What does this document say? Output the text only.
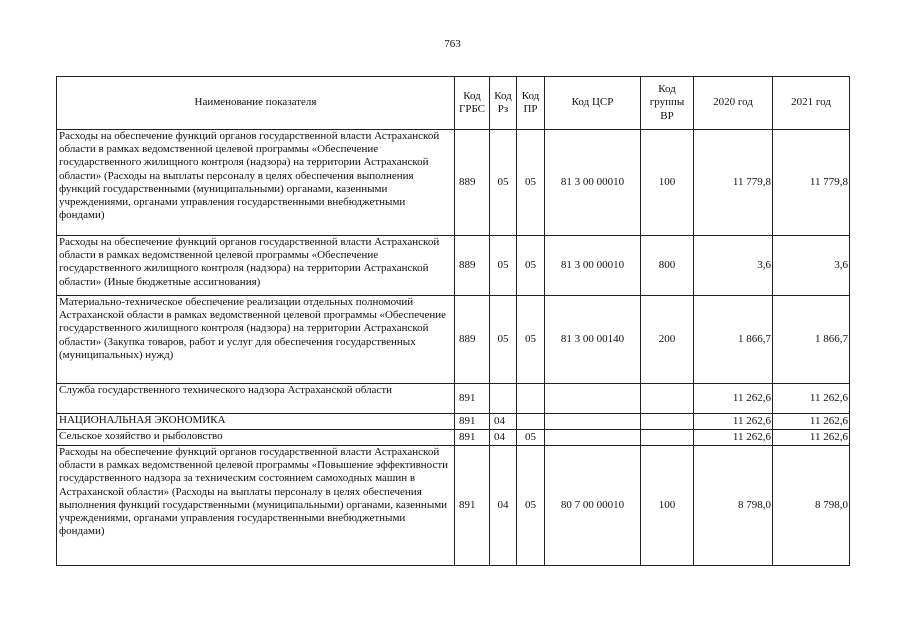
763
Наименование показателя	Код ГРБС	Код Рз	Код ПР	Код ЦСР	Код группы ВР	2020 год	2021 год
Расходы на обеспечение функций органов государственной власти Астраханской области в рамках ведомственной целевой программы «Обеспечение государственного жилищного контроля (надзора) на территории Астраханской области» (Расходы на выплаты персоналу в целях обеспечения выполнения функций государственными (муниципальными) органами, казенными учреждениями, органами управления государственными внебюджетными фондами)	889	05	05	81 3 00 00010	100	11 779,8	11 779,8
Расходы на обеспечение функций органов государственной власти Астраханской области в рамках ведомственной целевой программы «Обеспечение государственного жилищного контроля (надзора) на территории Астраханской области» (Иные бюджетные ассигнования)	889	05	05	81 3 00 00010	800	3,6	3,6
Материально-техническое обеспечение реализации отдельных полномочий Астраханской области в рамках ведомственной целевой программы «Обеспечение государственного жилищного контроля (надзора) на территории Астраханской области» (Закупка товаров, работ и услуг для обеспечения государственных (муниципальных) нужд)	889	05	05	81 3 00 00140	200	1 866,7	1 866,7
Служба государственного технического надзора Астраханской области	891					11 262,6	11 262,6
НАЦИОНАЛЬНАЯ ЭКОНОМИКА	891	04				11 262,6	11 262,6
Сельское хозяйство и рыболовство	891	04	05			11 262,6	11 262,6
Расходы на обеспечение функций органов государственной власти Астраханской области в рамках ведомственной целевой программы «Повышение эффективности государственного надзора за техническим состоянием самоходных машин в Астраханской области» (Расходы на выплаты персоналу в целях обеспечения выполнения функций государственными (муниципальными) органами, казенными учреждениями, органами управления государственными внебюджетными фондами)	891	04	05	80 7 00 00010	100	8 798,0	8 798,0
